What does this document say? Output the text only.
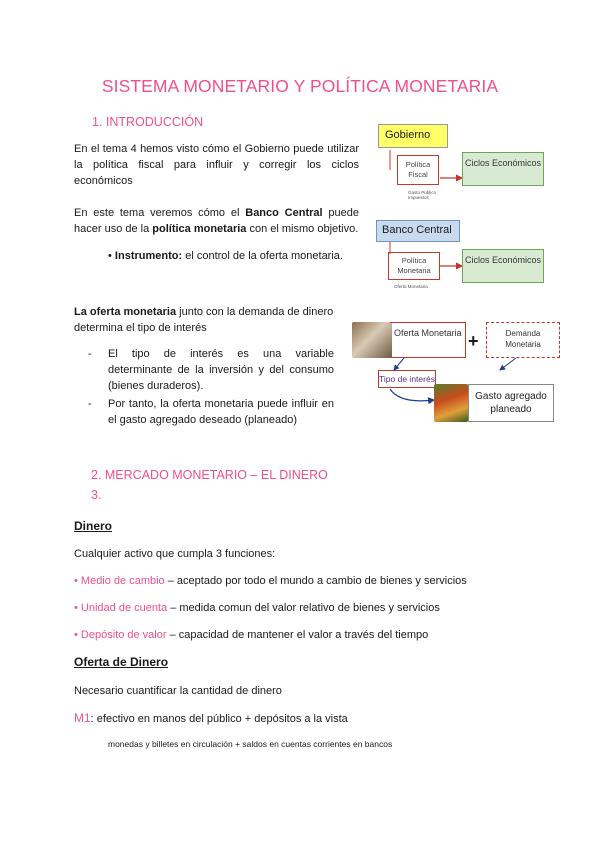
SISTEMA MONETARIO Y POLÍTICA MONETARIA
1. INTRODUCCIÓN
En el tema 4 hemos visto cómo el Gobierno puede utilizar la política fiscal para influir y corregir los ciclos económicos
En este tema veremos cómo el Banco Central puede hacer uso de la política monetaria con el mismo objetivo.
• Instrumento: el control de la oferta monetaria.
La oferta monetaria junto con la demanda de dinero determina el tipo de interés
-	El tipo de interés es una variable determinante de la inversión y del consumo (bienes duraderos).
-	Por tanto, la oferta monetaria puede influir en el gasto agregado deseado (planeado)
Gobierno
Política Fiscal
Ciclos Económicos
Gasto Público Impuestos
Banco Central
Política Monetaria
Ciclos Económicos
Oferta Monetaria
Oferta Monetaria +	Demanda Monetaria
Tipo de interés
Gasto agregado planeado
2. MERCADO MONETARIO – EL DINERO
3.
Dinero
Cualquier activo que cumpla 3 funciones:
• Medio de cambio – aceptado por todo el mundo a cambio de bienes y servicios
• Unidad de cuenta – medida comun del valor relativo de bienes y servicios
• Depósito de valor – capacidad de mantener el valor a través del tiempo
Oferta de Dinero
Necesario cuantificar la cantidad de dinero
M1: efectivo en manos del público + depósitos a la vista
monedas y billetes en circulación + saldos en cuentas corrientes en bancos
